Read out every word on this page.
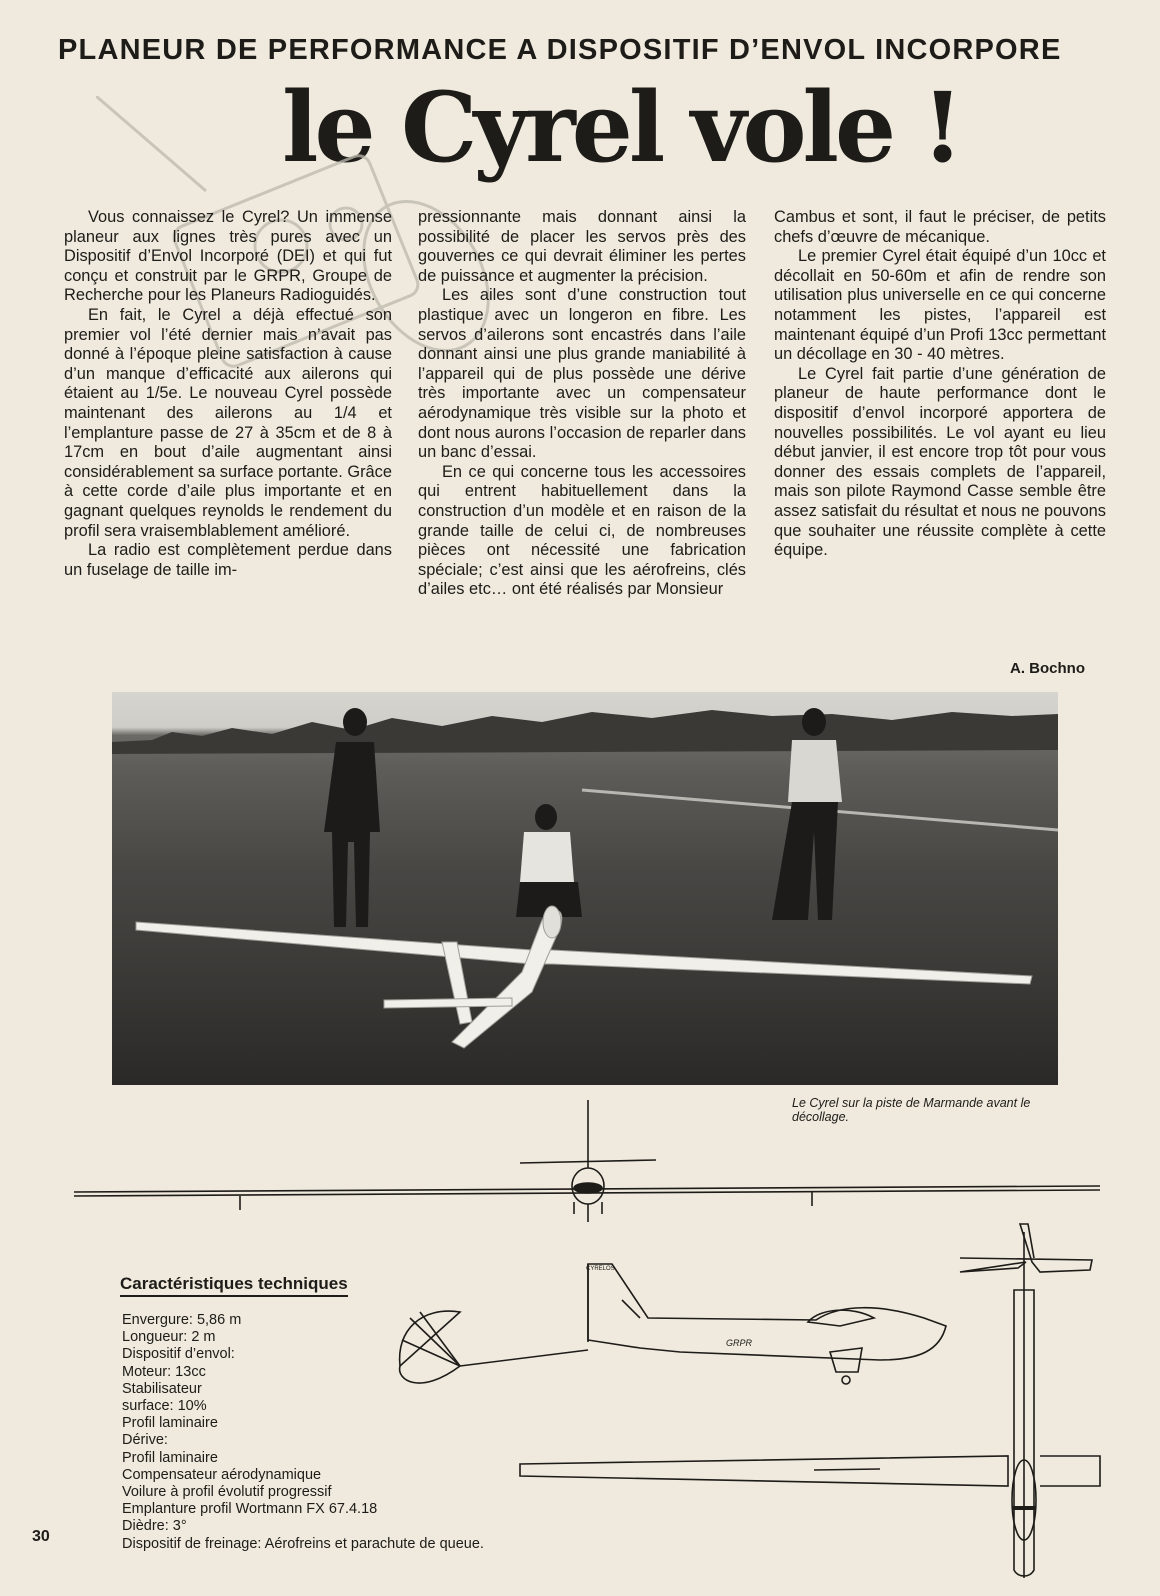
PLANEUR DE PERFORMANCE A DISPOSITIF D’ENVOL INCORPORE
le Cyrel vole !

Vous connaissez le Cyrel? Un immense planeur aux lignes très pures avec un Dispositif d’Envol Incorporé (DEI) et qui fut conçu et construit par le GRPR, Groupe de Recherche pour les Planeurs Radioguidés.

En fait, le Cyrel a déjà effectué son premier vol l’été dernier mais n’avait pas donné à l’époque pleine satisfaction à cause d’un manque d’efficacité aux ailerons qui étaient au 1/5e. Le nouveau Cyrel possède maintenant des ailerons au 1/4 et l’emplanture passe de 27 à 35cm et de 8 à 17cm en bout d’aile augmentant ainsi considérablement sa surface portante. Grâce à cette corde d’aile plus importante et en gagnant quelques reynolds le rendement du profil sera vraisemblablement amélioré.

La radio est complètement perdue dans un fuselage de taille im-

pressionnante mais donnant ainsi la possibilité de placer les servos près des gouvernes ce qui devrait éliminer les pertes de puissance et augmenter la précision.

Les ailes sont d’une construction tout plastique avec un longeron en fibre. Les servos d’ailerons sont encastrés dans l’aile donnant ainsi une plus grande maniabilité à l’appareil qui de plus possède une dérive très importante avec un compensateur aérodynamique très visible sur la photo et dont nous aurons l’occasion de reparler dans un banc d’essai.

En ce qui concerne tous les accessoires qui entrent habituellement dans la construction d’un modèle et en raison de la grande taille de celui ci, de nombreuses pièces ont nécessité une fabrication spéciale; c’est ainsi que les aérofreins, clés d’ailes etc… ont été réalisés par Monsieur

Cambus et sont, il faut le préciser, de petits chefs d’œuvre de mécanique.

Le premier Cyrel était équipé d’un 10cc et décollait en 50-60m et afin de rendre son utilisation plus universelle en ce qui concerne notamment les pistes, l’appareil est maintenant équipé d’un Profi 13cc permettant un décollage en 30 - 40 mètres.

Le Cyrel fait partie d’une génération de planeur de haute performance dont le dispositif d’envol incorporé apportera de nouvelles possibilités. Le vol ayant eu lieu début janvier, il est encore trop tôt pour vous donner des essais complets de l’appareil, mais son pilote Raymond Casse semble être assez satisfait du résultat et nous ne pouvons que souhaiter une réussite complète à cette équipe.

A. Bochno
Le Cyrel sur la piste de Marmande avant le décollage.
GRPR
CYRELOS
Caractéristiques techniques
Envergure: 5,86 m
Longueur: 2 m
Dispositif d’envol:
Moteur: 13cc
Stabilisateur
surface: 10%
Profil laminaire
Dérive:
Profil laminaire
Compensateur aérodynamique
Voilure à profil évolutif progressif
Emplanture profil Wortmann FX 67.4.18
Dièdre: 3°
Dispositif de freinage: Aérofreins et parachute de queue.
30
